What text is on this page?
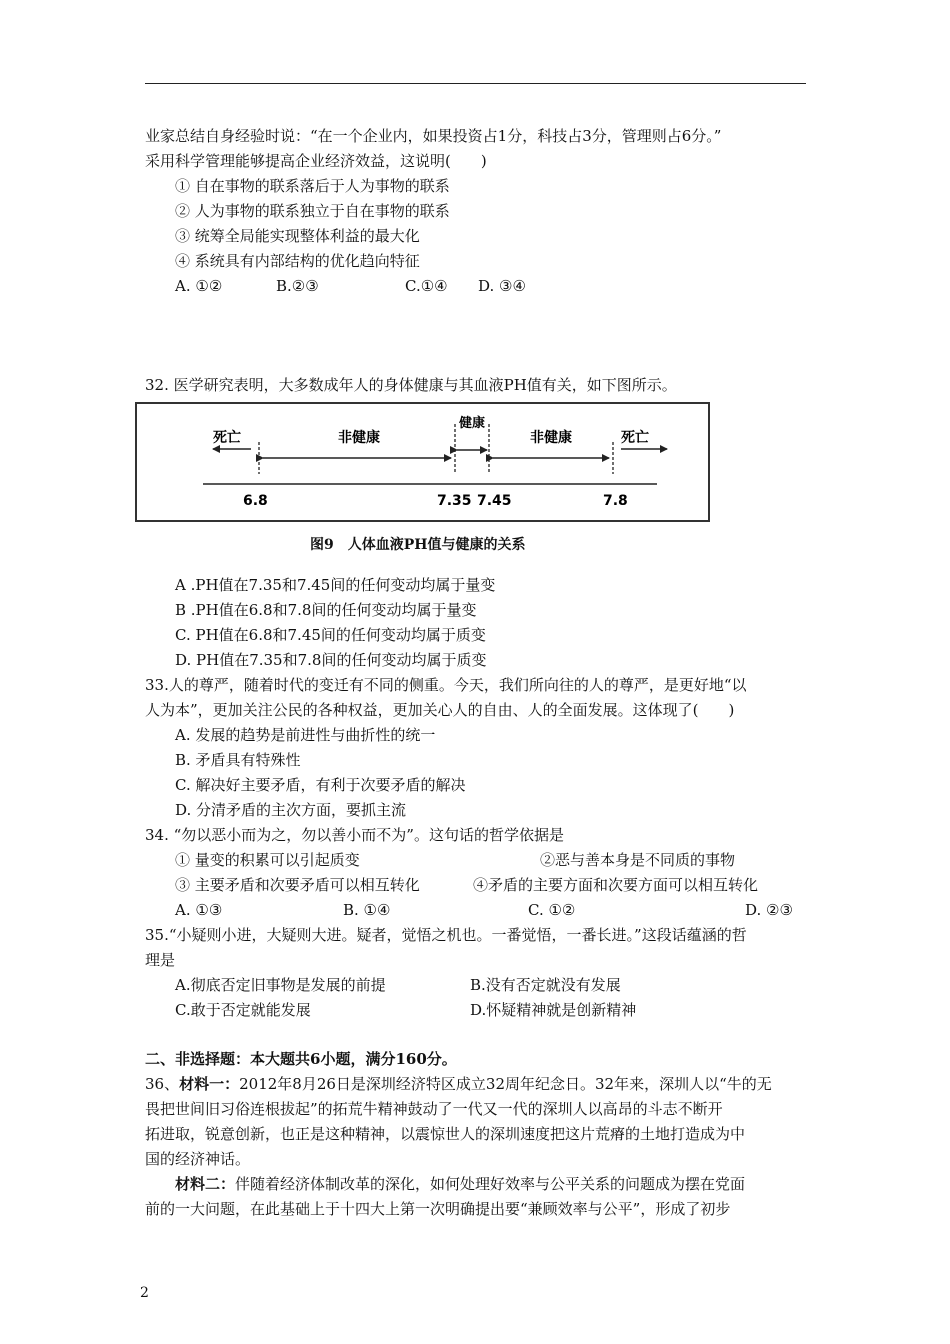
业家总结自身经验时说：“在一个企业内，如果投资占1分，科技占3分，管理则占6分。”
采用科学管理能够提高企业经济效益，这说明(　　)
① 自在事物的联系落后于人为事物的联系
② 人为事物的联系独立于自在事物的联系
③ 统筹全局能实现整体利益的最大化
④ 系统具有内部结构的优化趋向特征
A. ①②	B.②③	C.①④ D. ③④
32. 医学研究表明，大多数成年人的身体健康与其血液PH值有关，如下图所示。
死亡	非健康
健康
非健康	死亡
6.8	7.35 7.45	7.8
图9　人体血液PH值与健康的关系
A .PH值在7.35和7.45间的任何变动均属于量变
B .PH值在6.8和7.8间的任何变动均属于量变
C. PH值在6.8和7.45间的任何变动均属于质变
D. PH值在7.35和7.8间的任何变动均属于质变
33.人的尊严，随着时代的变迁有不同的侧重。今天，我们所向往的人的尊严，是更好地“以
人为本”，更加关注公民的各种权益，更加关心人的自由、人的全面发展。这体现了(　　)
A. 发展的趋势是前进性与曲折性的统一
B. 矛盾具有特殊性
C. 解决好主要矛盾，有利于次要矛盾的解决
D. 分清矛盾的主次方面，要抓主流
34. “勿以恶小而为之，勿以善小而不为”。这句话的哲学依据是
① 量变的积累可以引起质变	②恶与善本身是不同质的事物
③ 主要矛盾和次要矛盾可以相互转化	④矛盾的主要方面和次要方面可以相互转化
A. ①③	B. ①④	C. ①②	D. ②③
35.“小疑则小进，大疑则大进。疑者，觉悟之机也。一番觉悟，一番长进。”这段话蕴涵的哲
理是
A.彻底否定旧事物是发展的前提	B.没有否定就没有发展
C.敢于否定就能发展	D.怀疑精神就是创新精神
二、非选择题：本大题共6小题，满分160分。
36、材料一：2012年8月26日是深圳经济特区成立32周年纪念日。32年来，深圳人以“牛的无
畏把世间旧习俗连根拔起”的拓荒牛精神鼓动了一代又一代的深圳人以高昂的斗志不断开
拓进取，锐意创新，也正是这种精神，以震惊世人的深圳速度把这片荒瘠的土地打造成为中
国的经济神话。
材料二：伴随着经济体制改革的深化，如何处理好效率与公平关系的问题成为摆在党面
前的一大问题，在此基础上于十四大上第一次明确提出要“兼顾效率与公平”，形成了初步
2
